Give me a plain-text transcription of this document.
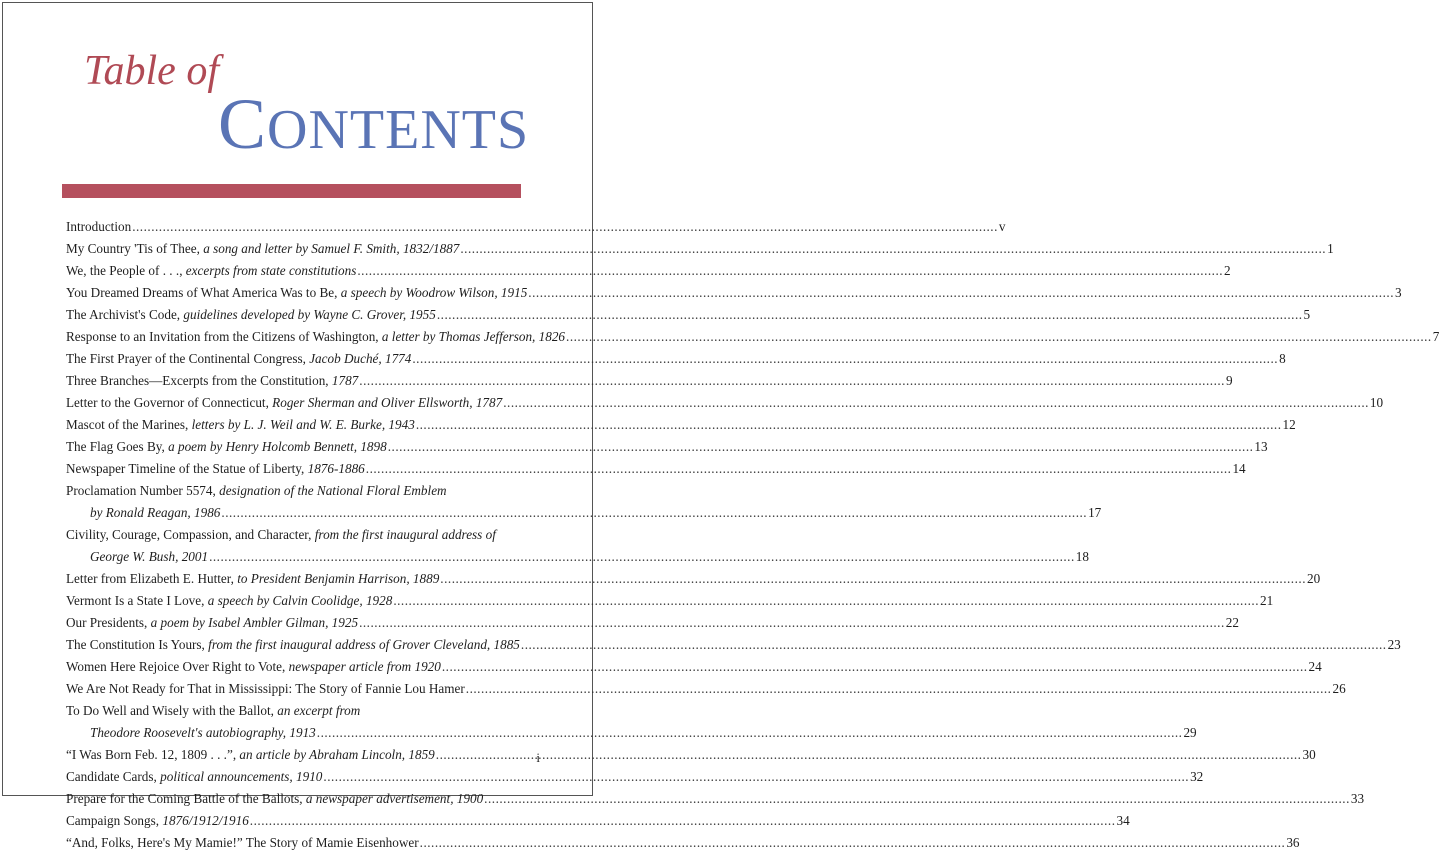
Table of
CONTENTS
Introduction .....	v
My Country 'Tis of Thee, a song and letter by Samuel F. Smith, 1832/1887 .....	1
We, the People of . . ., excerpts from state constitutions .....	2
You Dreamed Dreams of What America Was to Be, a speech by Woodrow Wilson, 1915 .....	3
The Archivist's Code, guidelines developed by Wayne C. Grover, 1955 .....	5
Response to an Invitation from the Citizens of Washington, a letter by Thomas Jefferson, 1826 .....	7
The First Prayer of the Continental Congress, Jacob Duché, 1774 .....	8
Three Branches—Excerpts from the Constitution, 1787 .....	9
Letter to the Governor of Connecticut, Roger Sherman and Oliver Ellsworth, 1787 .....	10
Mascot of the Marines, letters by L. J. Weil and W. E. Burke, 1943 .....	12
The Flag Goes By, a poem by Henry Holcomb Bennett, 1898 .....	13
Newspaper Timeline of the Statue of Liberty, 1876-1886 .....	14
Proclamation Number 5574, designation of the National Floral Emblem
by Ronald Reagan, 1986 .....	17
Civility, Courage, Compassion, and Character, from the first inaugural address of
George W. Bush, 2001 .....	18
Letter from Elizabeth E. Hutter, to President Benjamin Harrison, 1889 .....	20
Vermont Is a State I Love, a speech by Calvin Coolidge, 1928 .....	21
Our Presidents, a poem by Isabel Ambler Gilman, 1925 .....	22
The Constitution Is Yours, from the first inaugural address of Grover Cleveland, 1885 .....	23
Women Here Rejoice Over Right to Vote, newspaper article from 1920 .....	24
We Are Not Ready for That in Mississippi: The Story of Fannie Lou Hamer .....	26
To Do Well and Wisely with the Ballot, an excerpt from
Theodore Roosevelt's autobiography, 1913 .....	29
“I Was Born Feb. 12, 1809 . . .”, an article by Abraham Lincoln, 1859 .....	30
Candidate Cards, political announcements, 1910 .....	32
Prepare for the Coming Battle of the Ballots, a newspaper advertisement, 1900 .....	33
Campaign Songs, 1876/1912/1916 .....	34
“And, Folks, Here's My Mamie!” The Story of Mamie Eisenhower .....	36
i
